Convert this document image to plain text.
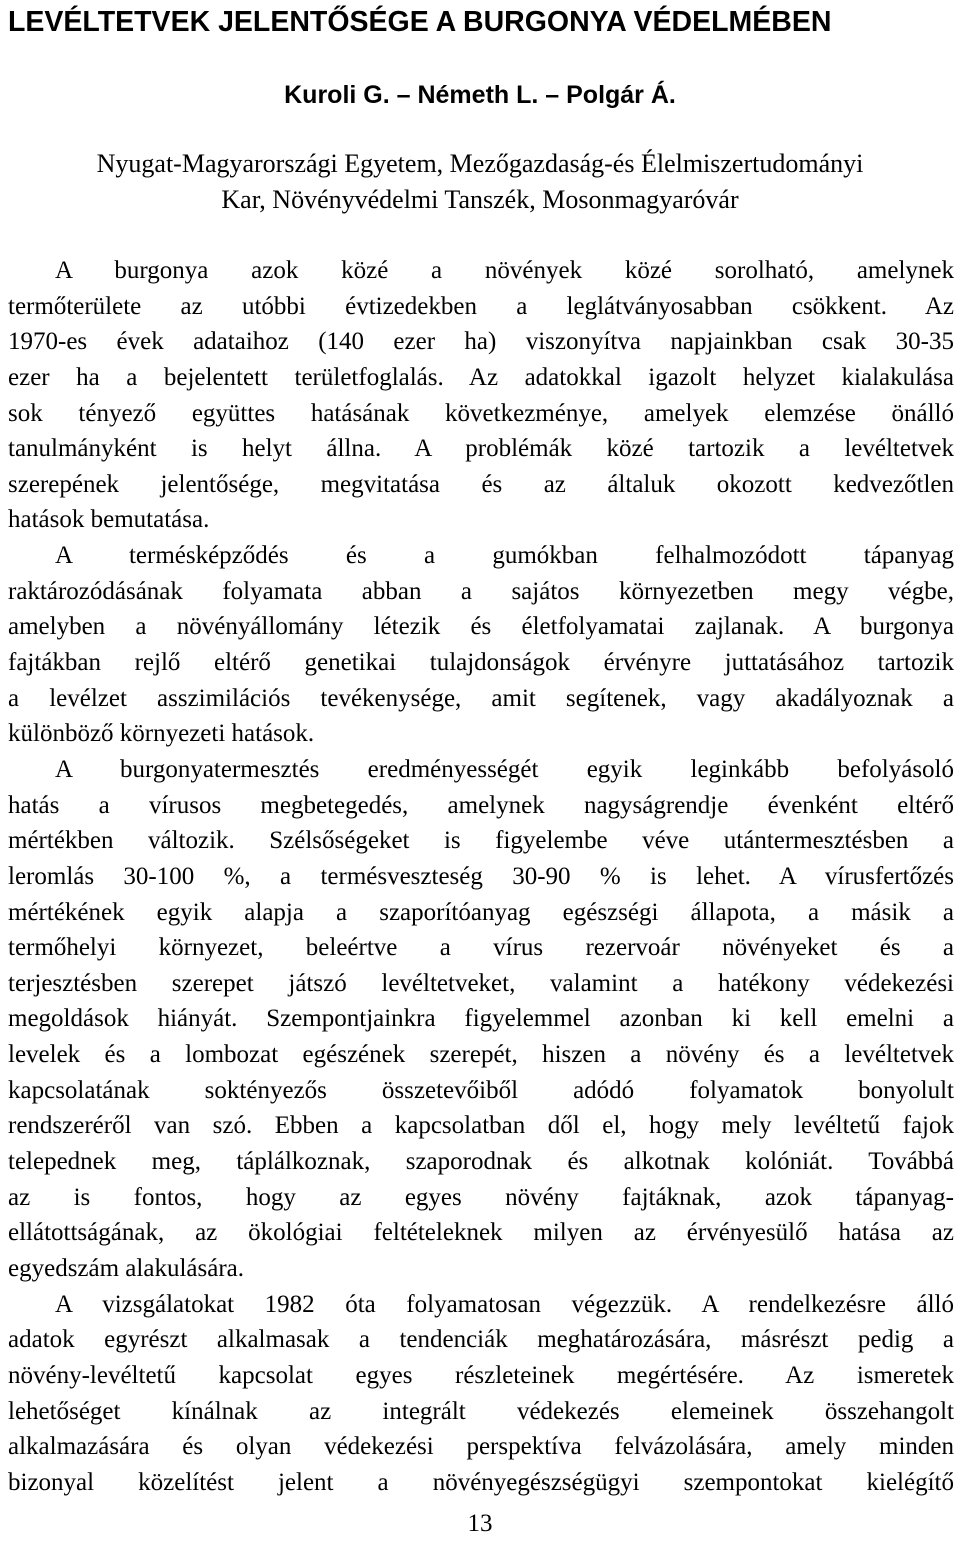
LEVÉLTETVEK JELENTŐSÉGE A BURGONYA VÉDELMÉBEN
Kuroli G. – Németh L. – Polgár Á.
Nyugat-Magyarországi Egyetem, Mezőgazdaság-és Élelmiszertudományi
Kar, Növényvédelmi Tanszék, Mosonmagyaróvár
A burgonya azok közé a növények közé sorolható, amelynek
termőterülete az utóbbi évtizedekben a leglátványosabban csökkent. Az
1970-es évek adataihoz (140 ezer ha) viszonyítva napjainkban csak 30-35
ezer ha a bejelentett területfoglalás. Az adatokkal igazolt helyzet kialakulása
sok tényező együttes hatásának következménye, amelyek elemzése önálló
tanulmányként is helyt állna. A problémák közé tartozik a levéltetvek
szerepének jelentősége, megvitatása és az általuk okozott kedvezőtlen
hatások bemutatása.
A termésképződés és a gumókban felhalmozódott tápanyag
raktározódásának folyamata abban a sajátos környezetben megy végbe,
amelyben a növényállomány létezik és életfolyamatai zajlanak. A burgonya
fajtákban rejlő eltérő genetikai tulajdonságok érvényre juttatásához tartozik
a levélzet asszimilációs tevékenysége, amit segítenek, vagy akadályoznak a
különböző környezeti hatások.
A burgonyatermesztés eredményességét egyik leginkább befolyásoló
hatás a vírusos megbetegedés, amelynek nagyságrendje évenként eltérő
mértékben változik. Szélsőségeket is figyelembe véve utántermesztésben a
leromlás 30-100 %, a termésveszteség 30-90 % is lehet. A vírusfertőzés
mértékének egyik alapja a szaporítóanyag egészségi állapota, a másik a
termőhelyi környezet, beleértve a vírus rezervoár növényeket és a
terjesztésben szerepet játszó levéltetveket, valamint a hatékony védekezési
megoldások hiányát. Szempontjainkra figyelemmel azonban ki kell emelni a
levelek és a lombozat egészének szerepét, hiszen a növény és a levéltetvek
kapcsolatának soktényezős összetevőiből adódó folyamatok bonyolult
rendszeréről van szó. Ebben a kapcsolatban dől el, hogy mely levéltetű fajok
telepednek meg, táplálkoznak, szaporodnak és alkotnak kolóniát. Továbbá
az is fontos, hogy az egyes növény fajtáknak, azok tápanyag-
ellátottságának, az ökológiai feltételeknek milyen az érvényesülő hatása az
egyedszám alakulására.
A vizsgálatokat 1982 óta folyamatosan végezzük. A rendelkezésre álló
adatok egyrészt alkalmasak a tendenciák meghatározására, másrészt pedig a
növény-levéltetű kapcsolat egyes részleteinek megértésére. Az ismeretek
lehetőséget kínálnak az integrált védekezés elemeinek összehangolt
alkalmazására és olyan védekezési perspektíva felvázolására, amely minden
bizonyal közelítést jelent a növényegészségügyi szempontokat kielégítő
13
